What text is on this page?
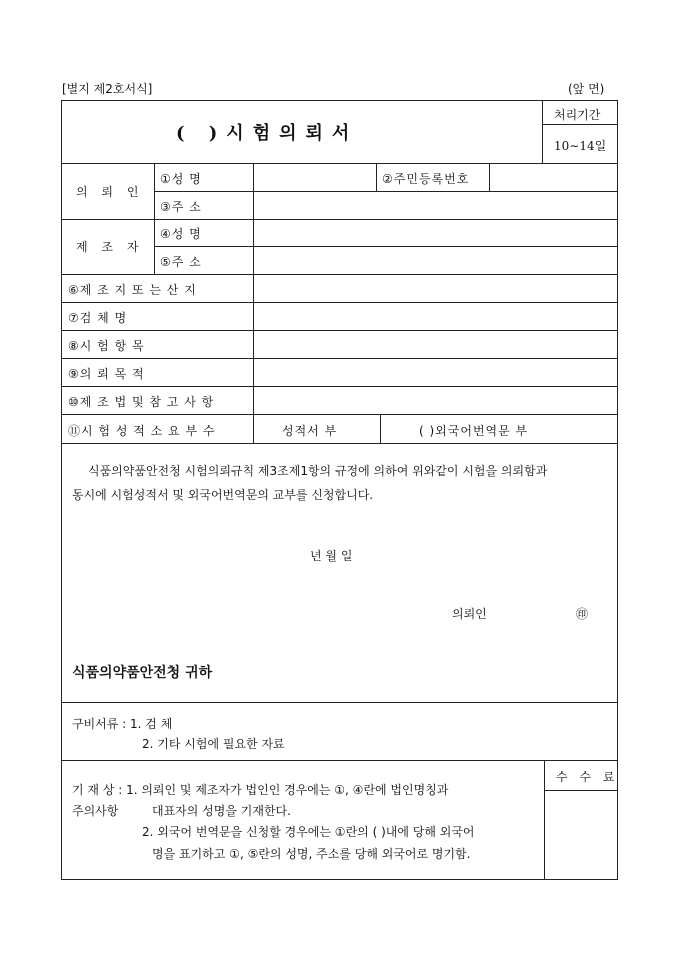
[별지 제2호서식]	(앞 면)
( )시험의뢰서
처리기간
10∼14일
의 뢰 인
①성 명	②주민등록번호
③주 소
제 조 자
④성 명
⑤주 소
⑥제 조 지 또 는 산 지
⑦검 체 명
⑧시 험 항 목
⑨의 뢰 목 적
⑩제 조 법 및 참 고 사 항
⑪시 험 성 적 소 요 부 수	성적서 부	( )외국어번역문 부
식품의약품안전청 시험의뢰규칙 제3조제1항의 규정에 의하여 위와같이 시험을 의뢰함과
동시에 시험성적서 및 외국어번역문의 교부를 신청합니다.
년 월 일
의뢰인	㊞
식품의약품안전청 귀하
구비서류 : 1. 검 체
2. 기타 시험에 필요한 자료
기 재 상 : 1. 의뢰인 및 제조자가 법인인 경우에는 ①, ④란에 법인명칭과
주의사항	대표자의 성명을 기재한다.
2. 외국어 번역문을 신청할 경우에는 ①란의 ( )내에 당해 외국어
명을 표기하고 ①, ⑤란의 성명, 주소를 당해 외국어로 명기함.
수 수 료
